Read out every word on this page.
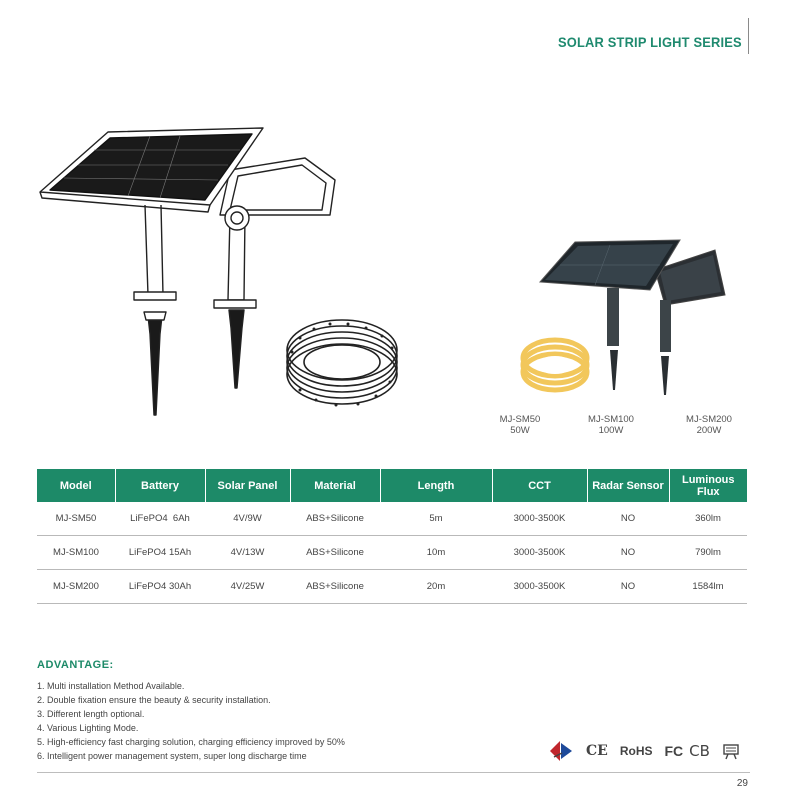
SOLAR STRIP LIGHT SERIES
MJ-SM50
50W
MJ-SM100
100W
MJ-SM200
200W
Model	Battery	Solar Panel	Material	Length	CCT	Radar Sensor	Luminous Flux
MJ-SM50	LiFePO4  6Ah	4V/9W	ABS+Silicone	5m	3000-3500K	NO	360lm
MJ-SM100	LiFePO4 15Ah	4V/13W	ABS+Silicone	10m	3000-3500K	NO	790lm
MJ-SM200	LiFePO4 30Ah	4V/25W	ABS+Silicone	20m	3000-3500K	NO	1584lm
ADVANTAGE:
1. Multi installation Method Available.
2. Double fixation ensure the beauty & security installation.
3. Different length optional.
4. Various Lighting Mode.
5. High-efficiency fast charging solution, charging efficiency improved by 50%
6. Intelligent power management system, super long discharge time	CE RoHS FC CB
29
